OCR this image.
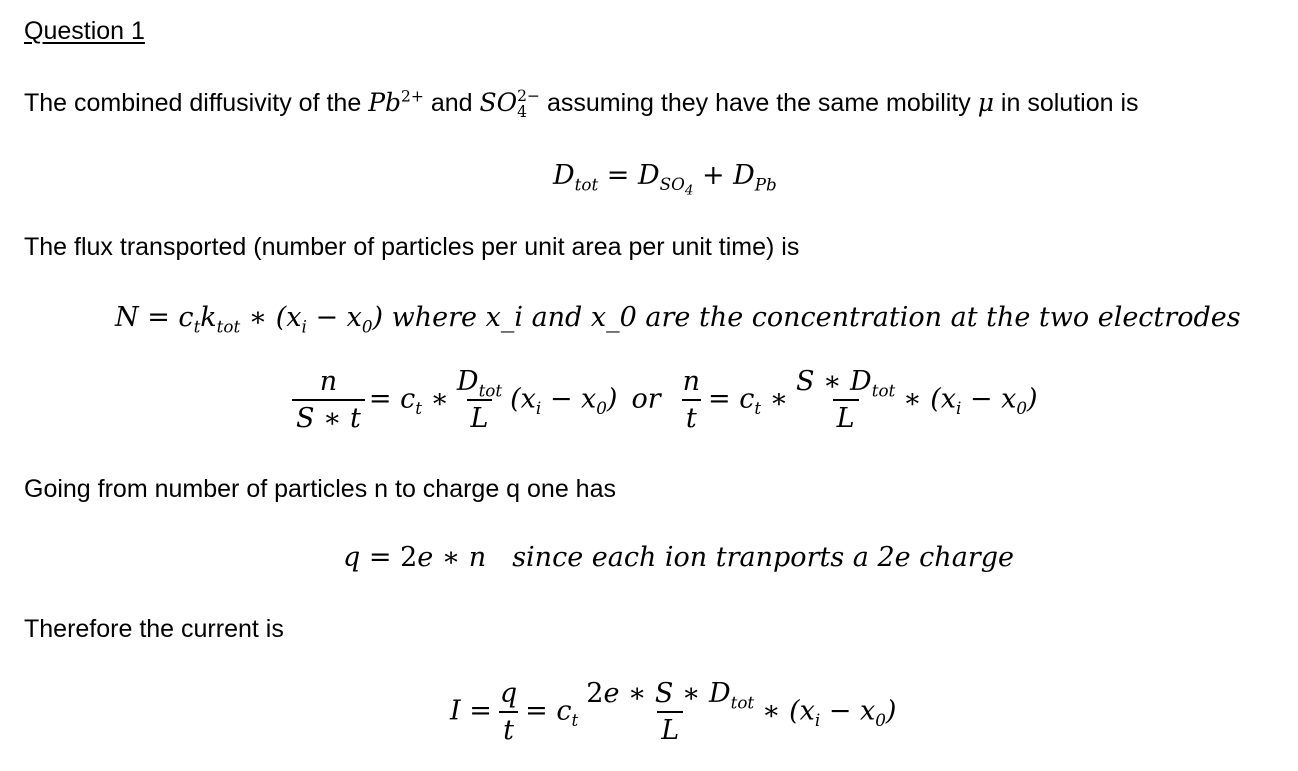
Question 1
The combined diffusivity of the $Pb^{2+}$ and SO 2−
4 assuming they have the same mobility μ in solution is
$D_{tot} = D_{SO_4} + D_{Pb}$
The flux transported (number of particles per unit area per unit time) is
$N = c_tk_{tot}$ ∗ $(x_i - x_0)$ where x_i and x_0 are the concentration at the two electrodes
$\frac{n}{S ∗ t} = c_t$ ∗ $\frac{D_{tot}}{L} (x_i - x_0)$ or $\frac{n}{t} = c_t$ ∗ $\frac{S ∗ D_{tot}}{L}$ ∗ $(x_i - x_0)$
Going from number of particles n to charge q one has
q = 2e ∗ n since each ion tranports a 2e charge
Therefore the current is
$I = \frac{q}{t} = c_t \frac{2e ∗ S ∗ D_{tot}}{L}$ ∗ $(x_i - x_0)$
